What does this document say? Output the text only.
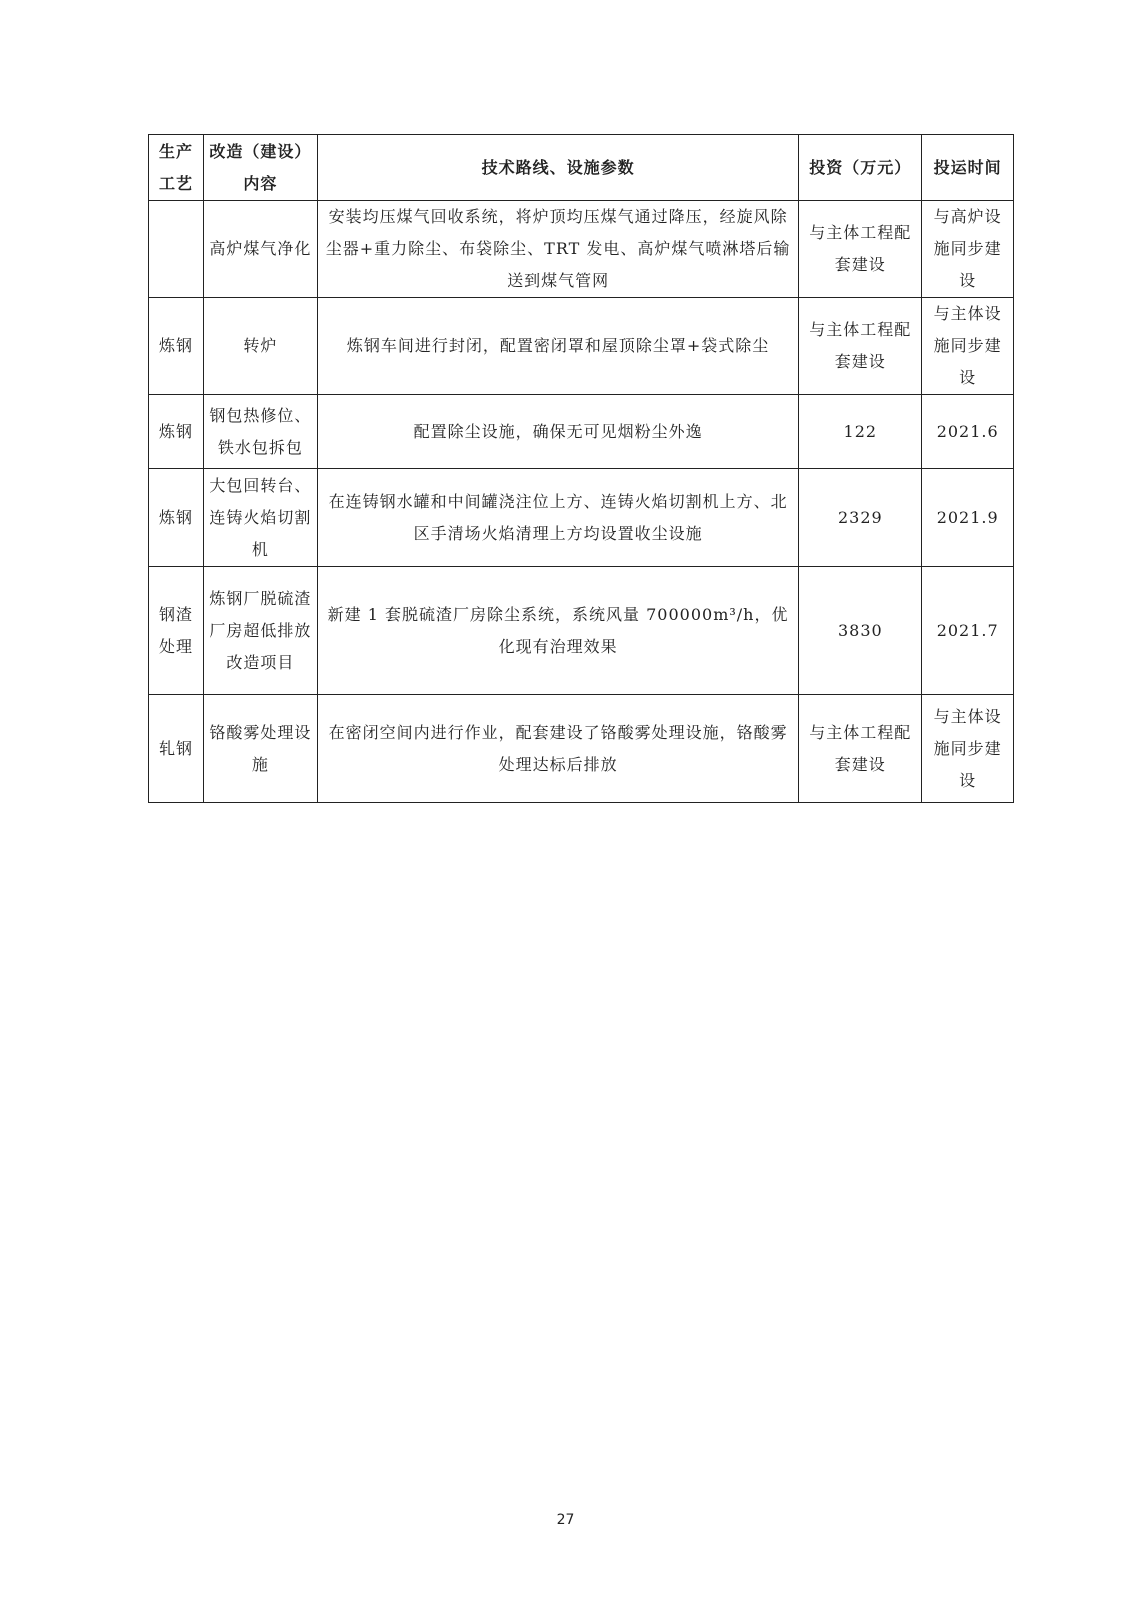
生产工艺	改造（建设）内容	技术路线、设施参数	投资（万元）	投运时间
	高炉煤气净化	安装均压煤气回收系统，将炉顶均压煤气通过降压，经旋风除尘器+重力除尘、布袋除尘、TRT 发电、高炉煤气喷淋塔后输送到煤气管网	与主体工程配套建设	与高炉设施同步建设
炼钢	转炉	炼钢车间进行封闭，配置密闭罩和屋顶除尘罩+袋式除尘	与主体工程配套建设	与主体设施同步建设
炼钢	钢包热修位、铁水包拆包	配置除尘设施，确保无可见烟粉尘外逸	122	2021.6
炼钢	大包回转台、连铸火焰切割机	在连铸钢水罐和中间罐浇注位上方、连铸火焰切割机上方、北区手清场火焰清理上方均设置收尘设施	2329	2021.9
钢渣处理	炼钢厂脱硫渣厂房超低排放改造项目	新建 1 套脱硫渣厂房除尘系统，系统风量 700000m³/h，优化现有治理效果	3830	2021.7
轧钢	铬酸雾处理设施	在密闭空间内进行作业，配套建设了铬酸雾处理设施，铬酸雾处理达标后排放	与主体工程配套建设	与主体设施同步建设
27
